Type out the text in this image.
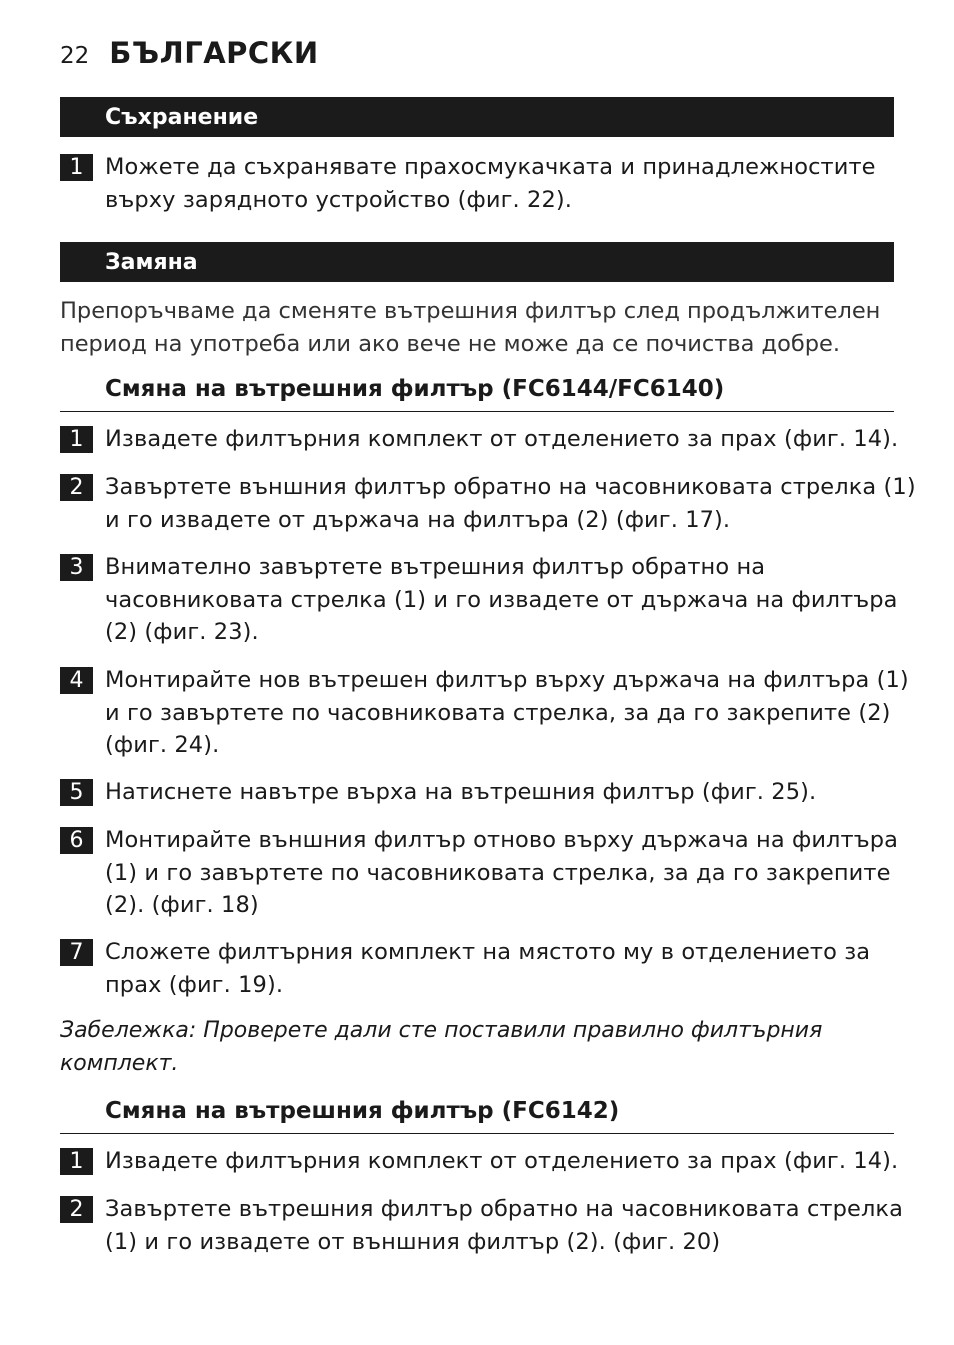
22 БЪЛГАРСКИ
Съхранение
1 Можете да съхранявате прахосмукачката и принадлежностите върху зарядното устройство (фиг. 22).
Замяна
Препоръчваме да сменяте вътрешния филтър след продължителен период на употреба или ако вече не може да се почиства добре.
Смяна на вътрешния филтър (FC6144/FC6140)
1 Извадете филтърния комплект от отделението за прах (фиг. 14).
2 Завъртете външния филтър обратно на часовниковата стрелка (1) и го извадете от държача на филтъра (2) (фиг. 17).
3 Внимателно завъртете вътрешния филтър обратно на часовниковата стрелка (1) и го извадете от държача на филтъра (2) (фиг. 23).
4 Монтирайте нов вътрешен филтър върху държача на филтъра (1) и го завъртете по часовниковата стрелка, за да го закрепите (2) (фиг. 24).
5 Натиснете навътре върха на вътрешния филтър (фиг. 25).
6 Монтирайте външния филтър отново върху държача на филтъра (1) и го завъртете по часовниковата стрелка, за да го закрепите (2). (фиг. 18)
7 Сложете филтърния комплект на мястото му в отделението за прах (фиг. 19).
Забележка: Проверете дали сте поставили правилно филтърния комплект.
Смяна на вътрешния филтър (FC6142)
1 Извадете филтърния комплект от отделението за прах (фиг. 14).
2 Завъртете вътрешния филтър обратно на часовниковата стрелка (1) и го извадете от външния филтър (2). (фиг. 20)
